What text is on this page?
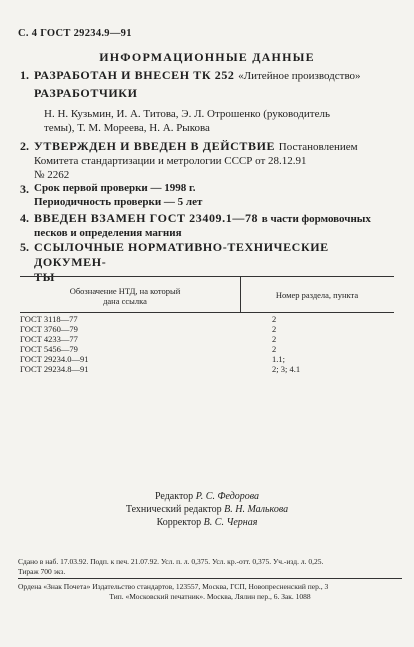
С. 4 ГОСТ 29234.9—91
ИНФОРМАЦИОННЫЕ ДАННЫЕ
1. РАЗРАБОТАН И ВНЕСЕН ТК 252 «Литейное производство»
РАЗРАБОТЧИКИ
Н. Н. Кузьмин, И. А. Титова, Э. Л. Отрошенко (руководитель
темы), Т. М. Мореева, Н. А. Рыкова
2. УТВЕРЖДЕН И ВВЕДЕН В ДЕЙСТВИЕ Постановлением
Комитета стандартизации и метрологии СССР от 28.12.91
№ 2262
3. Срок первой проверки — 1998 г.
Периодичность проверки — 5 лет
4. ВВЕДЕН ВЗАМЕН ГОСТ 23409.1—78 в части формовочных
песков и определения магния
5. ССЫЛОЧНЫЕ НОРМАТИВНО-ТЕХНИЧЕСКИЕ ДОКУМЕН-
ТЫ
Обозначение НТД, на который
дана ссылка
Номер раздела, пункта
ГОСТ 3118—77	2
ГОСТ 3760—79	2
ГОСТ 4233—77	2
ГОСТ 5456—79	2
ГОСТ 29234.0—91	1.1;
ГОСТ 29234.8—91	2; 3; 4.1
Редактор Р. С. Федорова
Технический редактор В. Н. Малькова
Корректор В. С. Черная
Сдано в наб. 17.03.92. Подп. к печ. 21.07.92. Усл. п. л. 0,375. Усл. кр.-отт. 0,375. Уч.-изд. л. 0,25.
Тираж 700 экз.
Ордена «Знак Почета» Издательство стандартов, 123557, Москва, ГСП, Новопресненский пер., 3
Тип. «Московский печатник». Москва, Лялин пер., 6. Зак. 1088
